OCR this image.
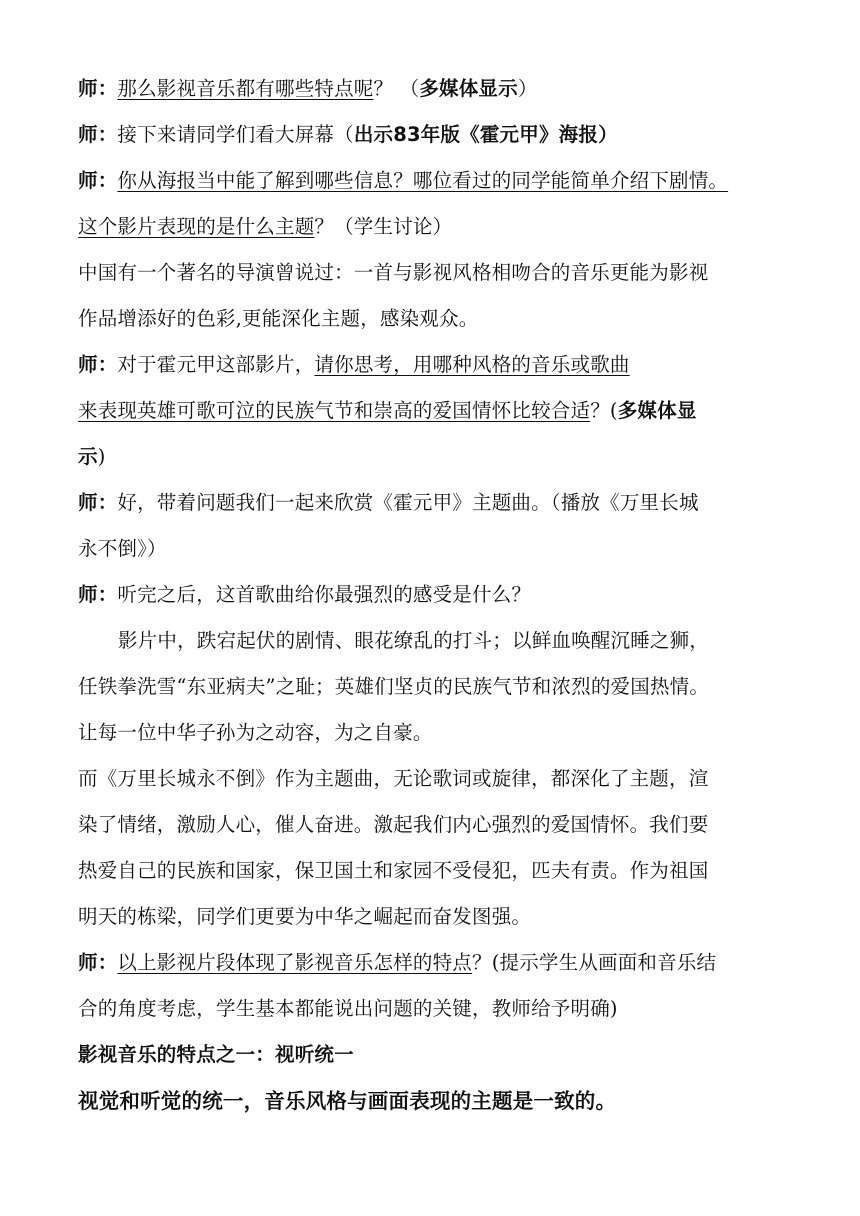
师：那么影视音乐都有哪些特点呢？ （多媒体显示）
师：接下来请同学们看大屏幕（出示83年版《霍元甲》海报）
师：你从海报当中能了解到哪些信息？哪位看过的同学能简单介绍下剧情。
这个影片表现的是什么主题？（学生讨论）
中国有一个著名的导演曾说过：一首与影视风格相吻合的音乐更能为影视
作品增添好的色彩,更能深化主题，感染观众。
师：对于霍元甲这部影片，请你思考，用哪种风格的音乐或歌曲
来表现英雄可歌可泣的民族气节和崇高的爱国情怀比较合适？(多媒体显
示)
师：好，带着问题我们一起来欣赏《霍元甲》主题曲。（播放《万里长城
永不倒》）
师：听完之后，这首歌曲给你最强烈的感受是什么？
影片中，跌宕起伏的剧情、眼花缭乱的打斗；以鲜血唤醒沉睡之狮，
任铁拳洗雪“东亚病夫”之耻；英雄们坚贞的民族气节和浓烈的爱国热情。
让每一位中华子孙为之动容，为之自豪。
而《万里长城永不倒》作为主题曲，无论歌词或旋律，都深化了主题，渲
染了情绪，激励人心，催人奋进。激起我们内心强烈的爱国情怀。我们要
热爱自己的民族和国家，保卫国土和家园不受侵犯，匹夫有责。作为祖国
明天的栋梁，同学们更要为中华之崛起而奋发图强。
师：以上影视片段体现了影视音乐怎样的特点？(提示学生从画面和音乐结
合的角度考虑，学生基本都能说出问题的关键，教师给予明确)
影视音乐的特点之一：视听统一
视觉和听觉的统一，音乐风格与画面表现的主题是一致的。
